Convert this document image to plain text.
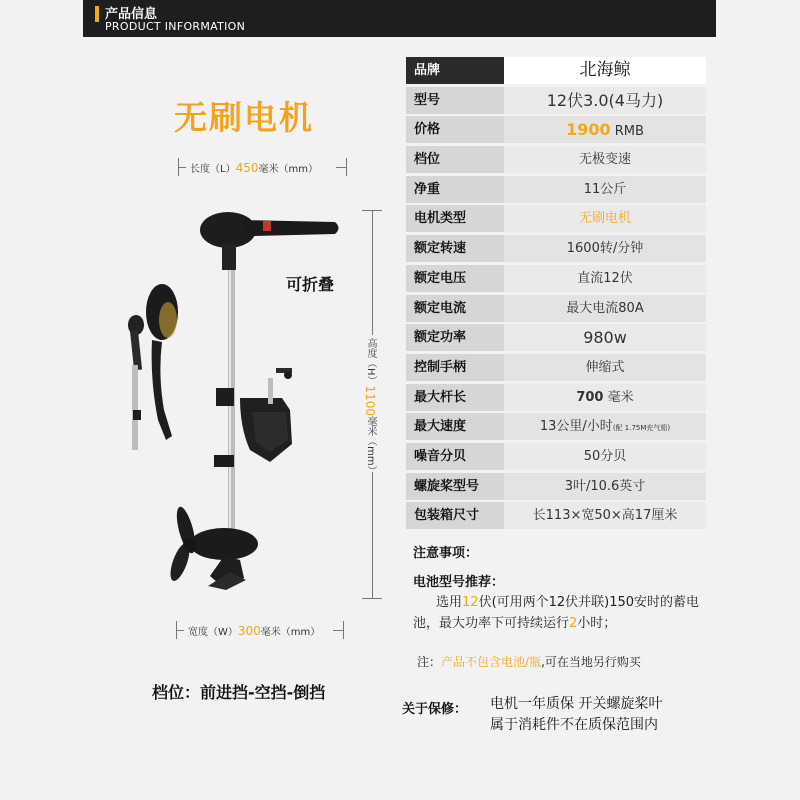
产品信息
PRODUCT INFORMATION
无刷电机
长度（L）450毫米（mm）
高度（H）1100毫米（mm）
宽度（W）300毫米（mm）
可折叠
档位：前进挡-空挡-倒挡
品牌	北海鲸
型号	12伏3.0(4马力)
价格	1900 RMB
档位	无极变速
净重	11公斤
电机类型	无刷电机
额定转速	1600转/分钟
额定电压	直流12伏
额定电流	最大电流80A
额定功率	980w
控制手柄	伸缩式
最大杆长	700 毫米
最大速度	13公里/小时(配 1.75M充气船)
噪音分贝	50分贝
螺旋桨型号	3叶/10.6英寸
包装箱尺寸	长113×宽50×高17厘米
注意事项：
电池型号推荐：
选用12伏(可用两个12伏并联)150安时的蓄电池，最大功率下可持续运行2小时；
注：产品不包含电池/瓶,可在当地另行购买
关于保修： 电机一年质保 开关螺旋桨叶属于消耗件不在质保范围内
